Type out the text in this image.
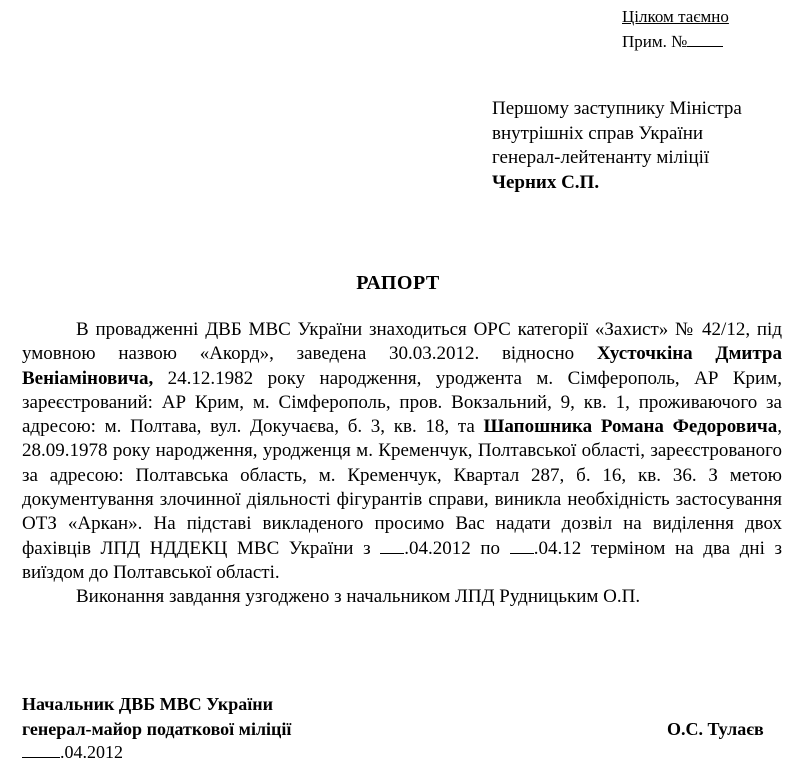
Цілком таємно
Прим. №
Першому заступнику Міністра
внутрішніх справ України
генерал-лейтенанту міліції
Черних С.П.
РАПОРТ

В провадженні ДВБ МВС України знаходиться ОРС категорії «Захист» № 42/12, під умовною назвою «Акорд», заведена 30.03.2012. відносно Хусточкіна Дмитра Веніаміновича, 24.12.1982 року народження, уроджента м. Сімферополь, АР Крим, зареєстрований: АР Крим, м. Сімферополь, пров. Вокзальний, 9, кв. 1, проживаючого за адресою: м. Полтава, вул. Докучаєва, б. 3, кв. 18, та Шапошника Романа Федоровича, 28.09.1978 року народження, уродженця м. Кременчук, Полтавської області, зареєстрованого за адресою: Полтавська область, м. Кременчук, Квартал 287, б. 16, кв. 36. З метою документування злочинної діяльності фігурантів справи, виникла необхідність застосування ОТЗ «Аркан». На підставі викладеного просимо Вас надати дозвіл на виділення двох фахівців ЛПД НДДЕКЦ МВС України з .04.2012 по .04.12 терміном на два дні з виїздом до Полтавської області.

Виконання завдання узгоджено з начальником ЛПД Рудницьким О.П.

Начальник ДВБ МВС України
генерал-майор податкової міліції	О.С. Тулаєв
.04.2012
